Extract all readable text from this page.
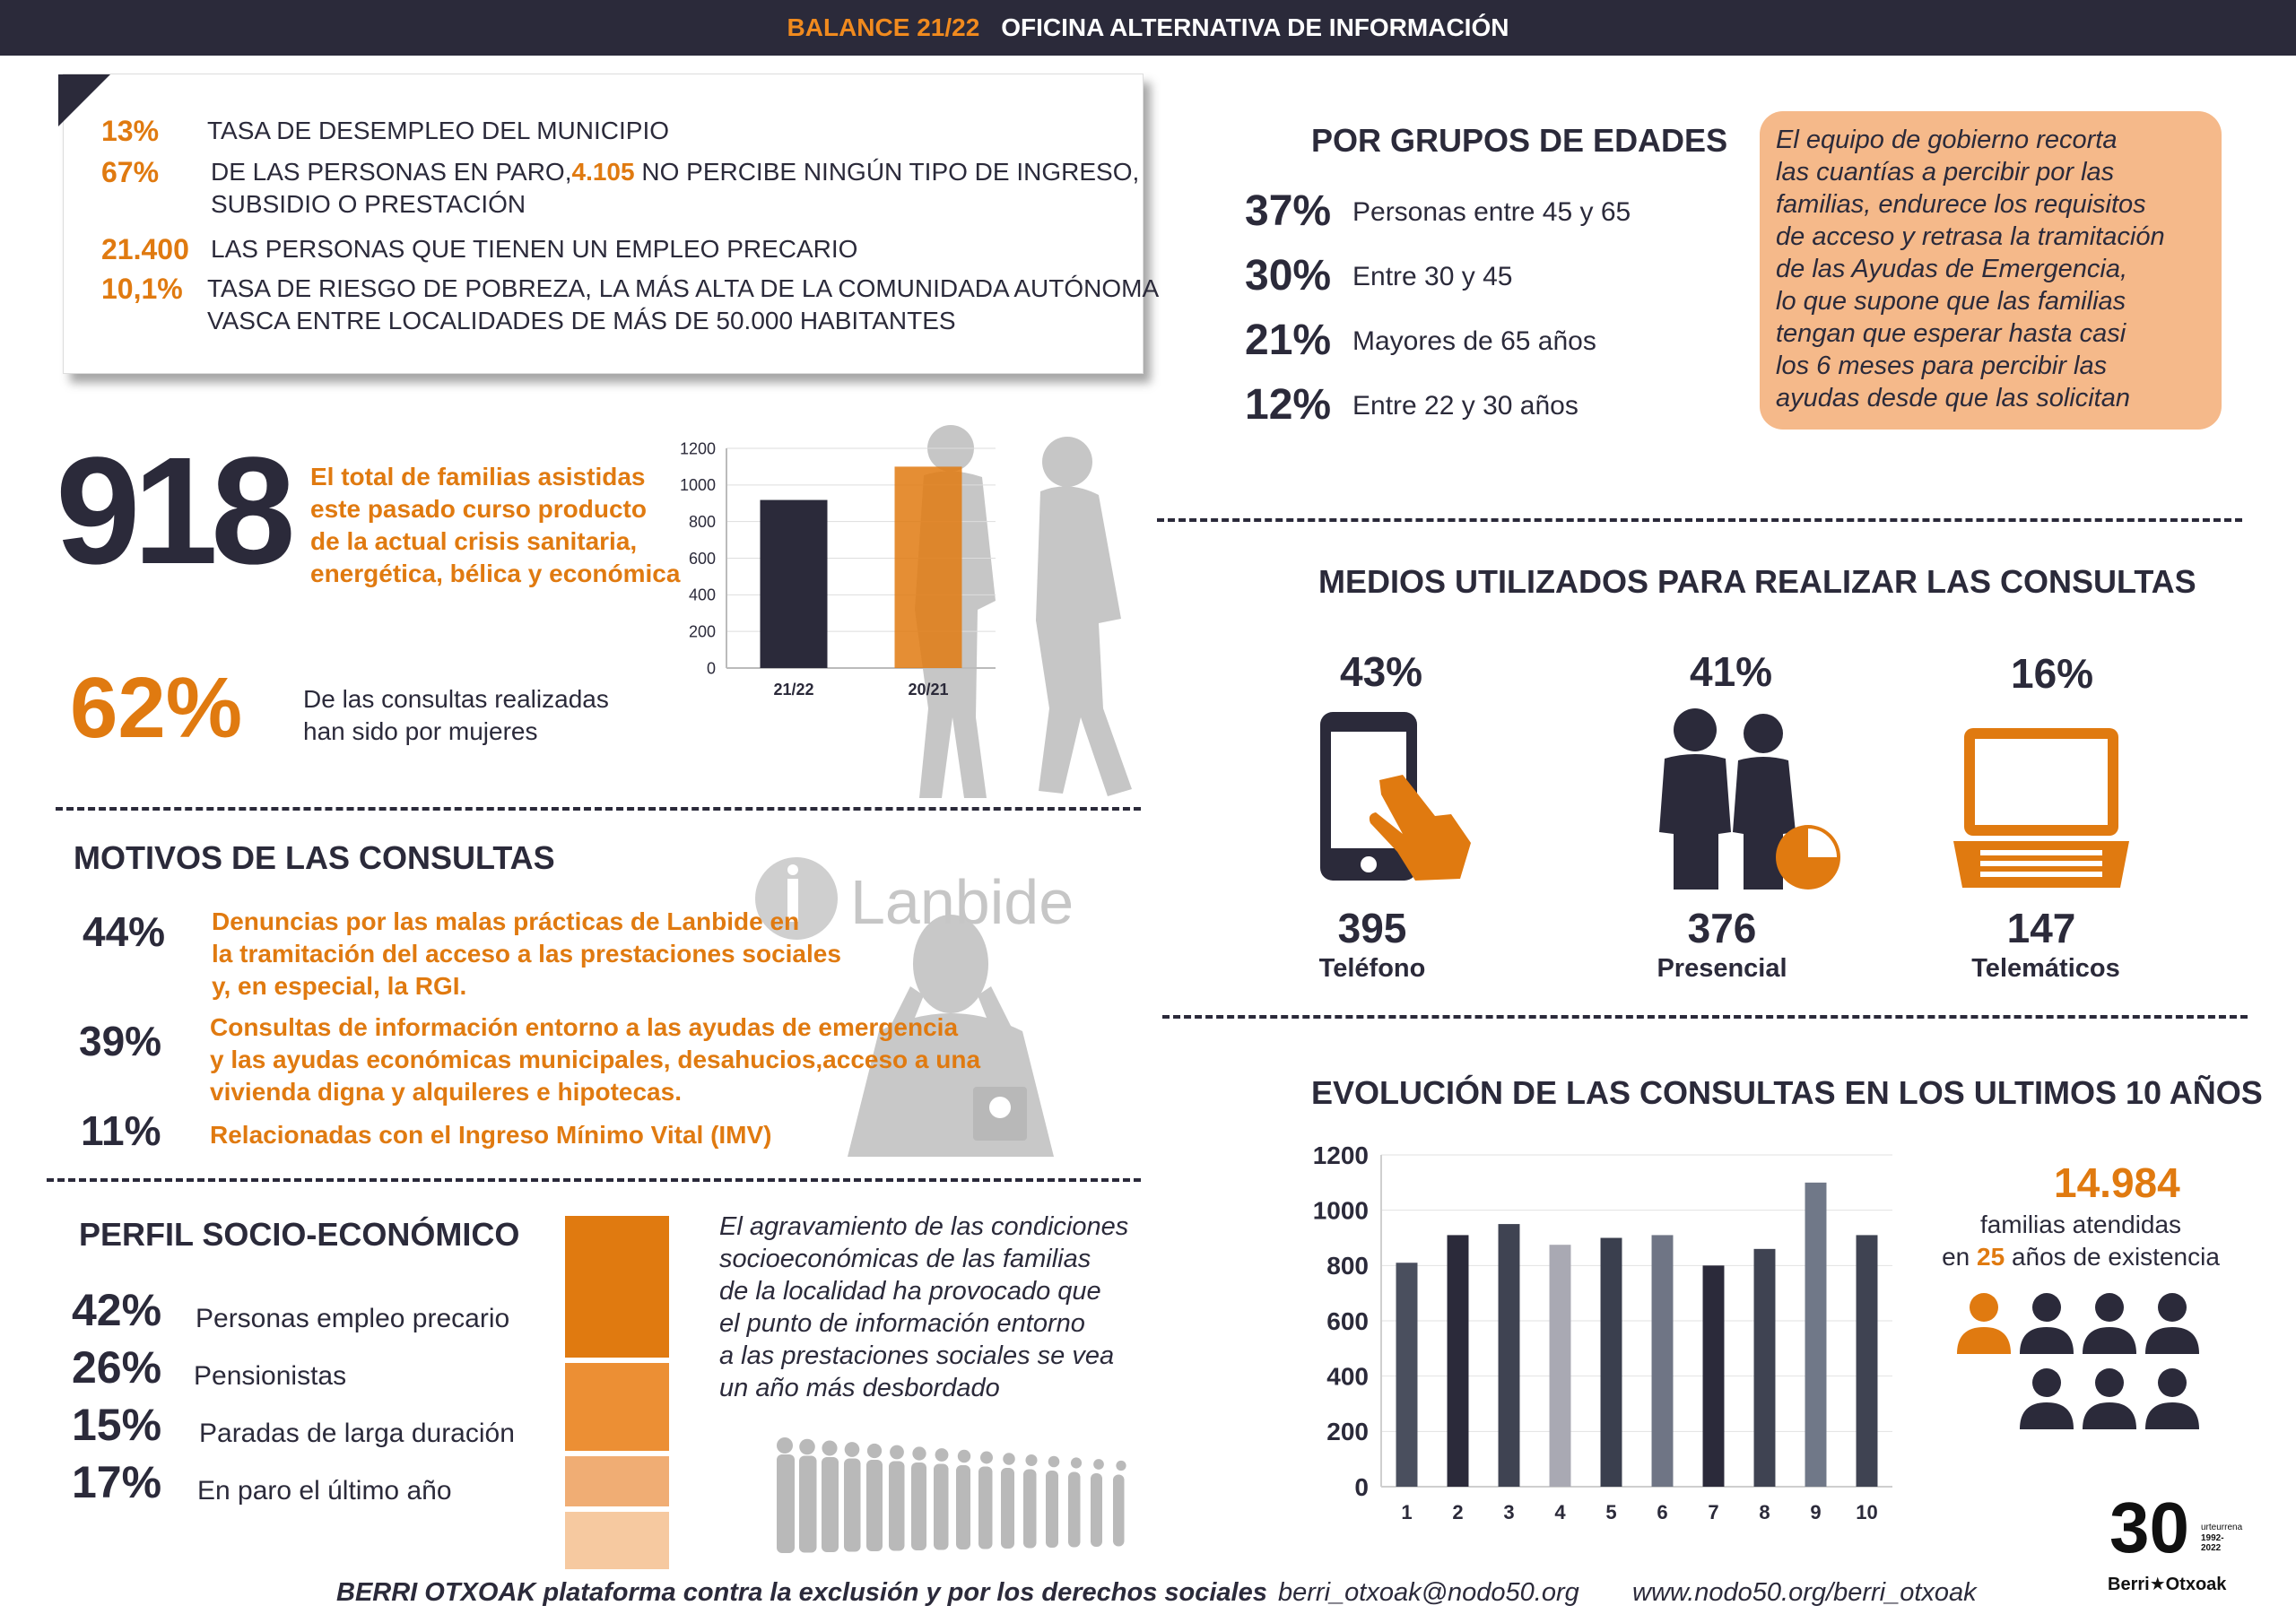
BALANCE 21/22 OFICINA ALTERNATIVA DE INFORMACIÓN
13% TASA DE DESEMPLEO DEL MUNICIPIO
67% DE LAS PERSONAS EN PARO,4.105 NO PERCIBE NINGÚN TIPO DE INGRESO,
SUBSIDIO O PRESTACIÓN
21.400 LAS PERSONAS QUE TIENEN UN EMPLEO PRECARIO
10,1% TASA DE RIESGO DE POBREZA, LA MÁS ALTA DE LA COMUNIDADA AUTÓNOMA
VASCA ENTRE LOCALIDADES DE MÁS DE 50.000 HABITANTES
POR GRUPOS DE EDADES
37% Personas entre 45 y 65
30% Entre 30 y 45
21% Mayores de 65 años
12% Entre 22 y 30 años
El equipo de gobierno recorta
las cuantías a percibir por las
familias, endurece los requisitos
de acceso y retrasa la tramitación
de las Ayudas de Emergencia,
lo que supone que las familias
tengan que esperar hasta casi
los 6 meses para percibir las
ayudas desde que las solicitan
918 El total de familias asistidas
este pasado curso producto
de la actual crisis sanitaria,
energética, bélica y económica
0
200
400
600
800
1000
1200
21/22	20/21
62% De las consultas realizadas
han sido por mujeres
MOTIVOS DE LAS CONSULTAS
Lanbide
44% Denuncias por las malas prácticas de Lanbide en
la tramitación del acceso a las prestaciones sociales
y, en especial, la RGI.
39% Consultas de información entorno a las ayudas de emergencia
y las ayudas económicas municipales, desahucios,acceso a una
vivienda digna y alquileres e hipotecas.
11% Relacionadas con el Ingreso Mínimo Vital (IMV)
MEDIOS UTILIZADOS PARA REALIZAR LAS CONSULTAS
43%
395
Teléfono
41%
376
Presencial
16%
147
Telemáticos
EVOLUCIÓN DE LAS CONSULTAS EN LOS ULTIMOS 10 AÑOS
0
200
400
600
800
1000
1200
1 2 3 4 5 6 7 8 9 10
14.984
familias atendidas
en 25 años de existencia
PERFIL SOCIO-ECONÓMICO
42% Personas empleo precario
26% Pensionistas
15% Paradas de larga duración
17% En paro el último año
El agravamiento de las condiciones
socioeconómicas de las familias
de la localidad ha provocado que
el punto de información entorno
a las prestaciones sociales se vea
un año más desbordado
BERRI OTXOAK plataforma contra la exclusión y por los derechos sociales berri_otxoak@nodo50.org www.nodo50.org/berri_otxoak
30 urteurrena
1992-2022
Berri★Otxoak
